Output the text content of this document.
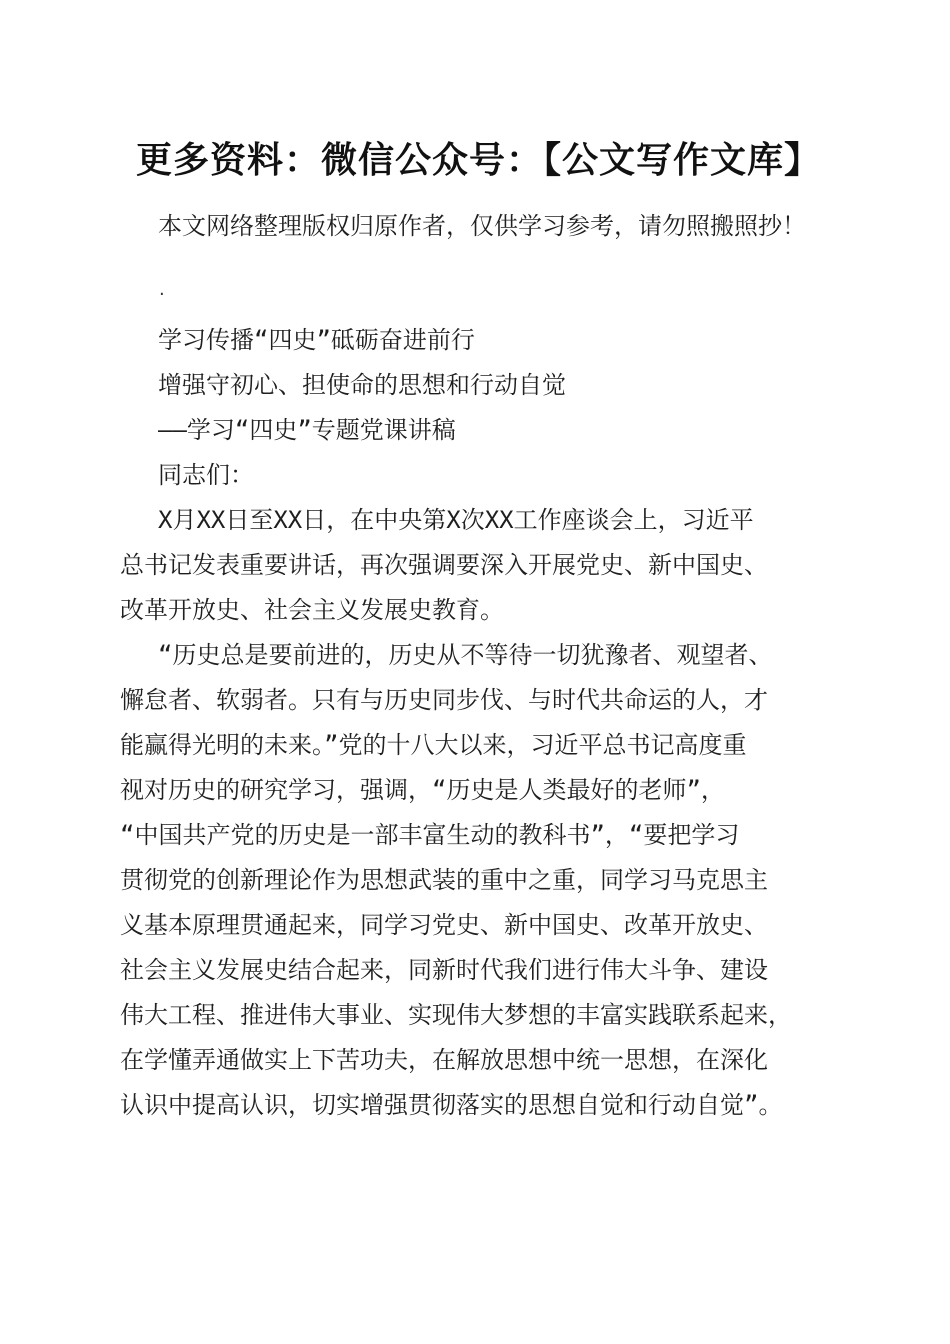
更多资料：微信公众号：【公文写作文库】
本文网络整理版权归原作者，仅供学习参考，请勿照搬照抄！
.
学习传播“四史”砥砺奋进前行
增强守初心、担使命的思想和行动自觉
——学习“四史”专题党课讲稿
同志们：
X月XX日至XX日，在中央第X次XX工作座谈会上，习近平
总书记发表重要讲话，再次强调要深入开展党史、新中国史、
改革开放史、社会主义发展史教育。
“历史总是要前进的，历史从不等待一切犹豫者、观望者、
懈怠者、软弱者。只有与历史同步伐、与时代共命运的人，才
能赢得光明的未来。”党的十八大以来，习近平总书记高度重
视对历史的研究学习，强调，“历史是人类最好的老师”，
“中国共产党的历史是一部丰富生动的教科书”，“要把学习
贯彻党的创新理论作为思想武装的重中之重，同学习马克思主
义基本原理贯通起来，同学习党史、新中国史、改革开放史、
社会主义发展史结合起来，同新时代我们进行伟大斗争、建设
伟大工程、推进伟大事业、实现伟大梦想的丰富实践联系起来，
在学懂弄通做实上下苦功夫，在解放思想中统一思想，在深化
认识中提高认识，切实增强贯彻落实的思想自觉和行动自觉”。
